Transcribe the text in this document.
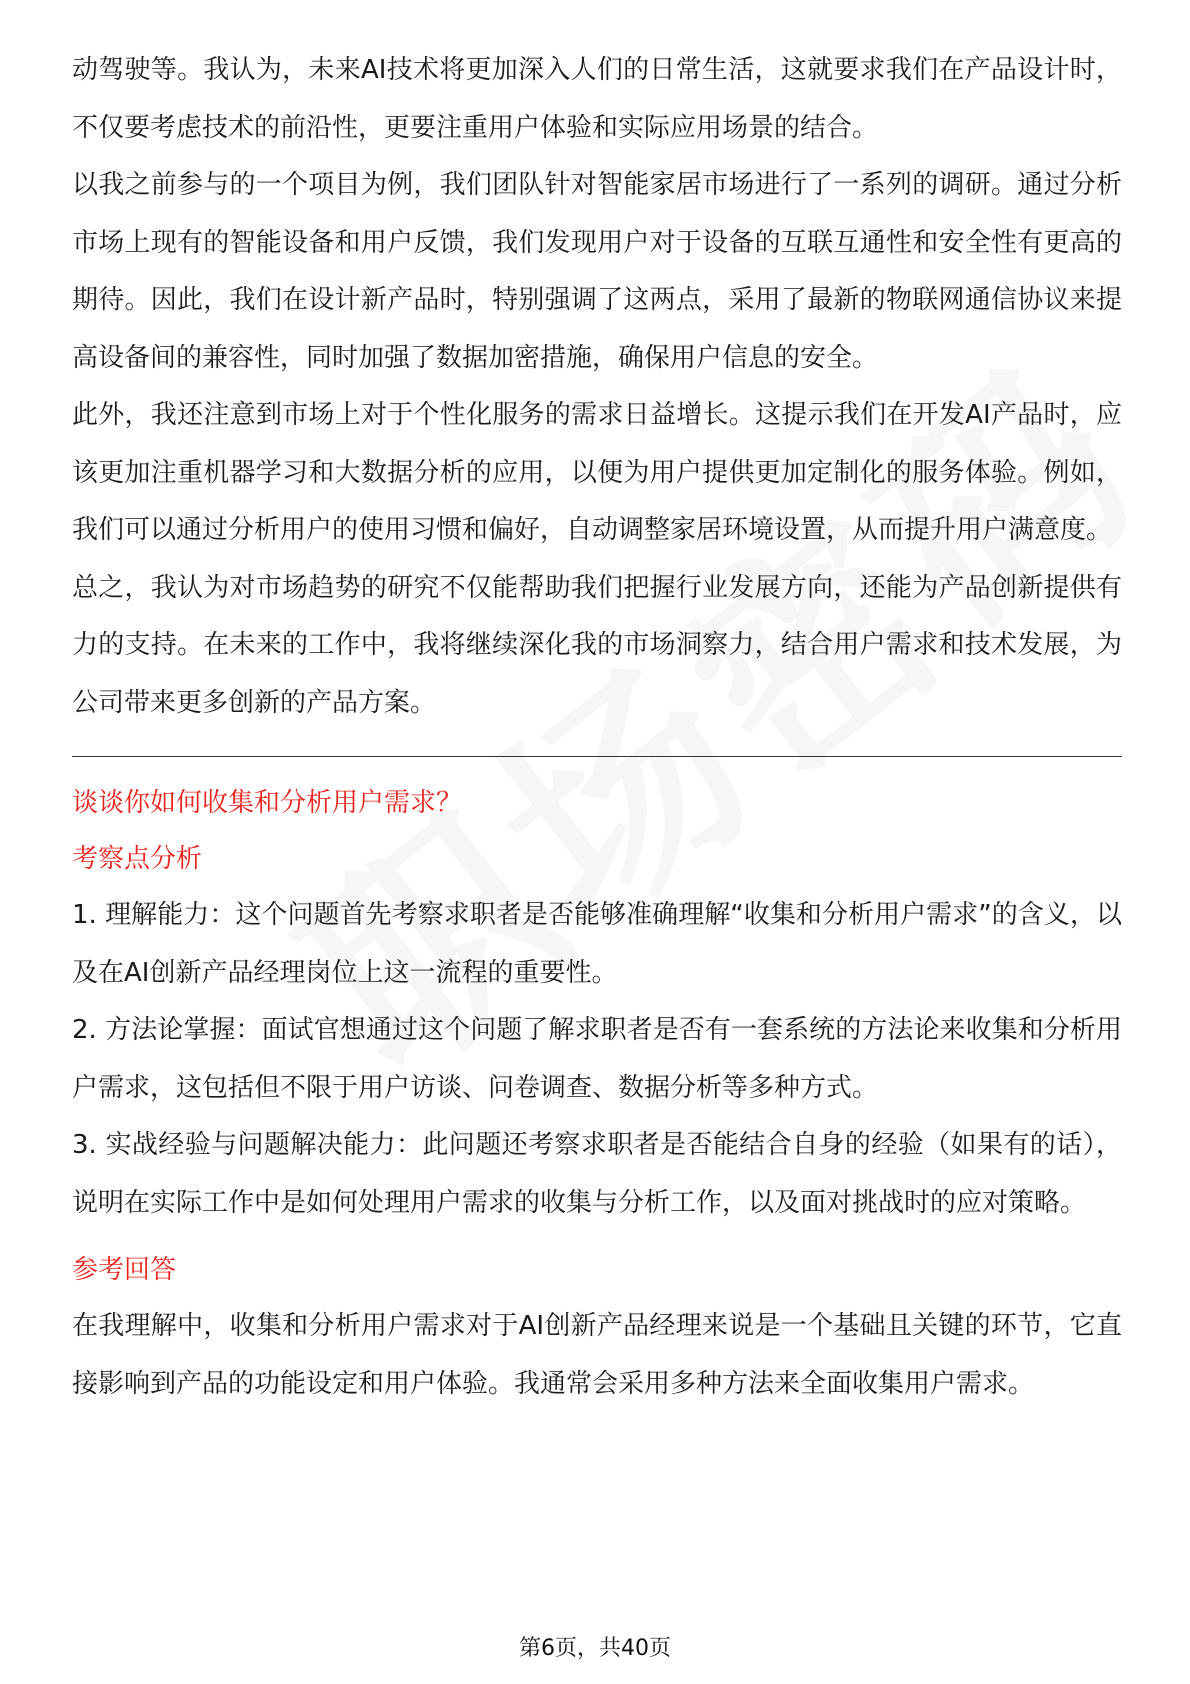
动驾驶等。我认为，未来AI技术将更加深入人们的日常生活，这就要求我们在产品设计时，不仅要考虑技术的前沿性，更要注重用户体验和实际应用场景的结合。

以我之前参与的一个项目为例，我们团队针对智能家居市场进行了一系列的调研。通过分析市场上现有的智能设备和用户反馈，我们发现用户对于设备的互联互通性和安全性有更高的期待。因此，我们在设计新产品时，特别强调了这两点，采用了最新的物联网通信协议来提高设备间的兼容性，同时加强了数据加密措施，确保用户信息的安全。

此外，我还注意到市场上对于个性化服务的需求日益增长。这提示我们在开发AI产品时，应该更加注重机器学习和大数据分析的应用，以便为用户提供更加定制化的服务体验。例如，我们可以通过分析用户的使用习惯和偏好，自动调整家居环境设置，从而提升用户满意度。

总之，我认为对市场趋势的研究不仅能帮助我们把握行业发展方向，还能为产品创新提供有力的支持。在未来的工作中，我将继续深化我的市场洞察力，结合用户需求和技术发展，为公司带来更多创新的产品方案。

谈谈你如何收集和分析用户需求？

考察点分析

1. 理解能力：这个问题首先考察求职者是否能够准确理解“收集和分析用户需求”的含义，以及在AI创新产品经理岗位上这一流程的重要性。

2. 方法论掌握：面试官想通过这个问题了解求职者是否有一套系统的方法论来收集和分析用户需求，这包括但不限于用户访谈、问卷调查、数据分析等多种方式。

3. 实战经验与问题解决能力：此问题还考察求职者是否能结合自身的经验（如果有的话），说明在实际工作中是如何处理用户需求的收集与分析工作，以及面对挑战时的应对策略。

参考回答

在我理解中，收集和分析用户需求对于AI创新产品经理来说是一个基础且关键的环节，它直接影响到产品的功能设定和用户体验。我通常会采用多种方法来全面收集用户需求。

第6页，共40页
